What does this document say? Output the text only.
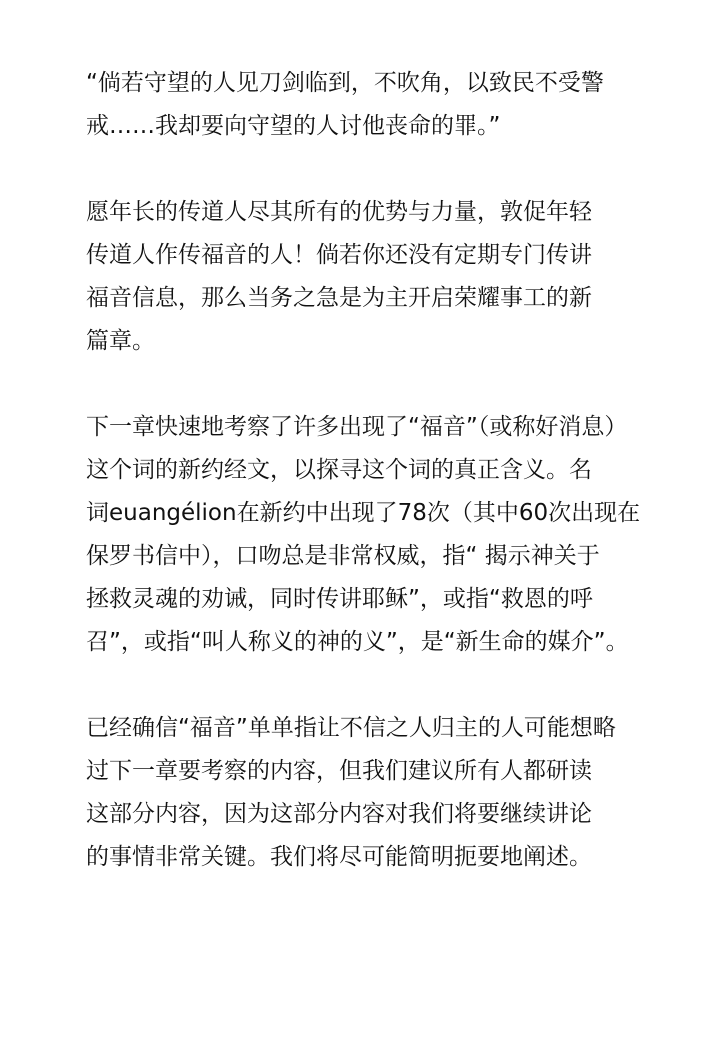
“倘若守望的人见刀剑临到，不吹角，以致民不受警
戒……我却要向守望的人讨他丧命的罪。”
愿年长的传道人尽其所有的优势与力量，敦促年轻
传道人作传福音的人！倘若你还没有定期专门传讲
福音信息，那么当务之急是为主开启荣耀事工的新
篇章。
下一章快速地考察了许多出现了“福音”（或称好消息）
这个词的新约经文，以探寻这个词的真正含义。名
词euangélion在新约中出现了78次（其中60次出现在
保罗书信中），口吻总是非常权威，指“ 揭示神关于
拯救灵魂的劝诫，同时传讲耶稣”，或指“救恩的呼
召”，或指“叫人称义的神的义”，是“新生命的媒介”。
已经确信“福音”单单指让不信之人归主的人可能想略
过下一章要考察的内容，但我们建议所有人都研读
这部分内容，因为这部分内容对我们将要继续讲论
的事情非常关键。我们将尽可能简明扼要地阐述。
